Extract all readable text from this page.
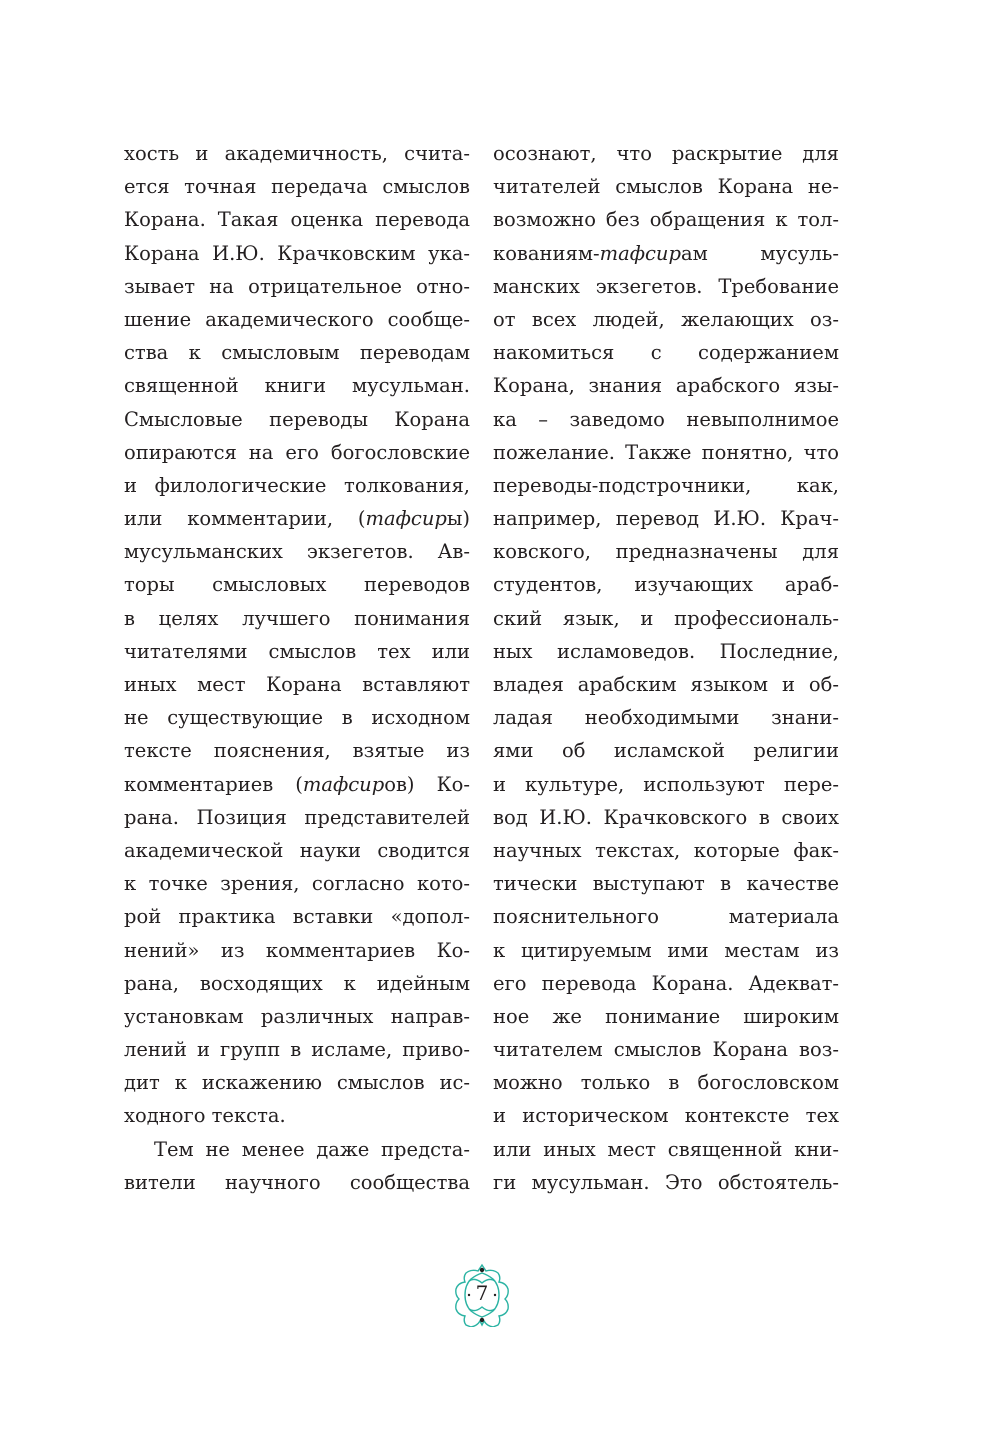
хость и академичность, счита-
ется точная передача смыслов
Корана. Такая оценка перевода
Корана И.Ю. Крачковским ука-
зывает на отрицательное отно-
шение академического сообще-
ства к смысловым переводам
священной книги мусульман.
Смысловые переводы Корана
опираются на его богословские
и филологические толкования,
или комментарии, (тафсиры)
мусульманских экзегетов. Ав-
торы смысловых переводов
в целях лучшего понимания
читателями смыслов тех или
иных мест Корана вставляют
не существующие в исходном
тексте пояснения, взятые из
комментариев (тафсиров) Ко-
рана. Позиция представителей
академической науки сводится
к точке зрения, согласно кото-
рой практика вставки «допол-
нений» из комментариев Ко-
рана, восходящих к идейным
установкам различных направ-
лений и групп в исламе, приво-
дит к искажению смыслов ис-
ходного текста.
Тем не менее даже предста-
вители научного сообщества
осознают, что раскрытие для
читателей смыслов Корана не-
возможно без обращения к тол-
кованиям-тафсирам мусуль-
манских экзегетов. Требование
от всех людей, желающих оз-
накомиться с содержанием
Корана, знания арабского язы-
ка – заведомо невыполнимое
пожелание. Также понятно, что
переводы-подстрочники, как,
например, перевод И.Ю. Крач-
ковского, предназначены для
студентов, изучающих араб-
ский язык, и профессиональ-
ных исламоведов. Последние,
владея арабским языком и об-
ладая необходимыми знани-
ями об исламской религии
и культуре, используют пере-
вод И.Ю. Крачковского в своих
научных текстах, которые фак-
тически выступают в качестве
пояснительного материала
к цитируемым ими местам из
его перевода Корана. Адекват-
ное же понимание широким
читателем смыслов Корана воз-
можно только в богословском
и историческом контексте тех
или иных мест священной кни-
ги мусульман. Это обстоятель-
7
